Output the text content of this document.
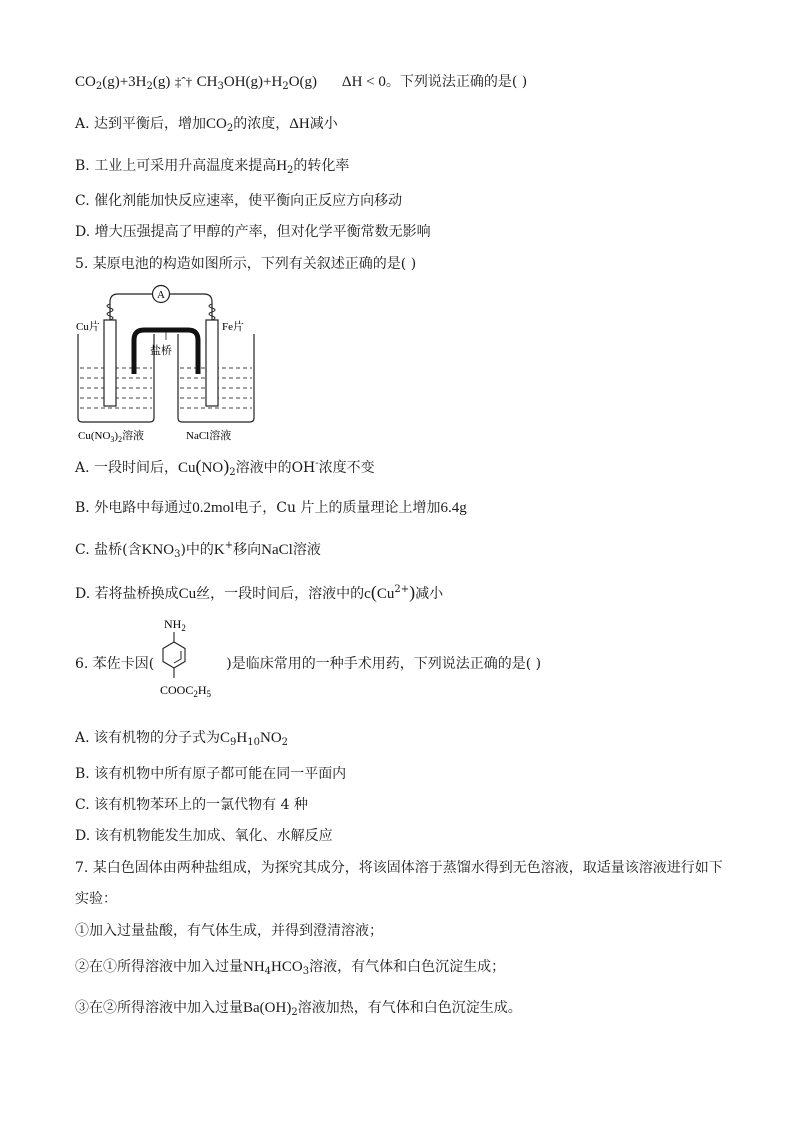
$CO_2(g)+3H_2(g)$ ‡ˆ† $CH_3OH(g)+H_2O(g) \Delta H < 0$。下列说法正确的是( )
A. 达到平衡后，增加$CO_2$的浓度，ΔH减小
B. 工业上可采用升高温度来提高$H_2$的转化率
C. 催化剂能加快反应速率，使平衡向正反应方向移动
D. 增大压强提高了甲醇的产率，但对化学平衡常数无影响
5. 某原电池的构造如图所示，下列有关叙述正确的是( )
A
Cu片	Fe片
盐桥
$Cu(NO_3)_2$溶液	NaCl溶液
A. 一段时间后，$Cu(NO)_2$溶液中的OH-浓度不变
B. 外电路中每通过0.2mol电子，Cu 片上的质量理论上增加6.4g
C. 盐桥(含$KNO_3$)中的K+移向NaCl溶液
D. 若将盐桥换成Cu丝，一段时间后，溶液中的$c(Cu^{2+})$减小
6. 苯佐卡因(	)是临床常用的一种手术用药，下列说法正确的是( )
$NH_2$
$COOC_2H_5$
A. 该有机物的分子式为$C_9H_{10}NO_2$
B. 该有机物中所有原子都可能在同一平面内
C. 该有机物苯环上的一氯代物有 4 种
D. 该有机物能发生加成、氧化、水解反应
7. 某白色固体由两种盐组成，为探究其成分，将该固体溶于蒸馏水得到无色溶液，取适量该溶液进行如下
实验：
①加入过量盐酸，有气体生成，并得到澄清溶液；
②在①所得溶液中加入过量$NH_4HCO_3$溶液，有气体和白色沉淀生成；
③在②所得溶液中加入过量$Ba(OH)_2$溶液加热，有气体和白色沉淀生成。
